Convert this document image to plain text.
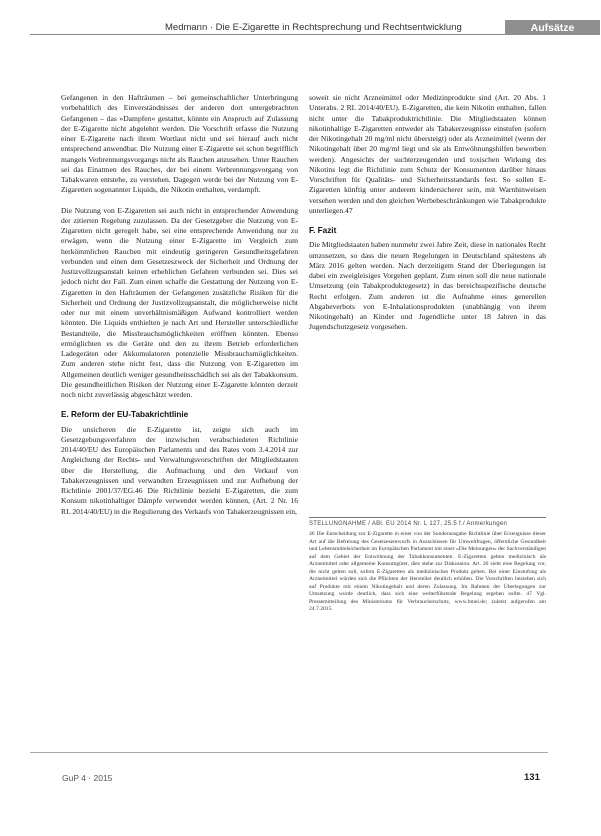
Medmann · Die E-Zigarette in Rechtsprechung und Rechtsentwicklung	Aufsätze

Gefangenen in den Hafträumen – bei gemeinschaftlicher Unterbringung vorbehaltlich des Einverständnisses der anderen dort untergebrachten Gefangenen – das »Dampfen« gestattet, könnte ein Anspruch auf Zulassung der E-Zigarette nicht abgelehnt werden. Die Vorschrift erfasse die Nutzung einer E-Zigarette nach ihrem Wortlaut nicht und sei hierauf auch nicht entsprechend anwendbar. Die Nutzung einer E-Zigarette sei schon begrifflich mangels Verbrennungsvorgangs nicht als Rauchen anzusehen. Unter Rauchen sei das Einatmen des Rauches, der bei einem Verbrennungsvorgang von Tabakwaren entstehe, zu verstehen. Dagegen werde bei der Nutzung von E-Zigaretten sogenannter Liquids, die Nikotin enthalten, verdampft.

Die Nutzung von E-Zigaretten sei auch nicht in entsprechender Anwendung der zitierten Regelung zuzulassen. Da der Gesetzgeber die Nutzung von E-Zigaretten nicht geregelt habe, sei eine entsprechende Anwendung nur zu erwägen, wenn die Nutzung einer E-Zigarette im Vergleich zum herkömmlichen Rauchen mit eindeutig geringeren Gesundheitsgefahren verbunden und einen dem Gesetzeszweck der Sicherheit und Ordnung der Justizvollzugsanstalt keinen erheblichen Gefahren verbunden sei. Dies sei jedoch nicht der Fall. Zum einen schaffe die Gestattung der Nutzung von E-Zigaretten in den Hafträumen der Gefangenen zusätzliche Risiken für die Sicherheit und Ordnung der Justizvollzugsanstalt, die möglicherweise nicht oder nur mit einem unverhältnismäßigen Aufwand kontrolliert werden könnten. Die Liquids enthielten je nach Art und Hersteller unterschiedliche Bestandteile, die Missbrauchsmöglichkeiten eröffnen könnten. Ebenso ermöglichten es die Geräte und den zu ihrem Betrieb erforderlichen Ladegeräten oder Akkumulatoren potenzielle Missbrauchsmöglichkeiten. Zum anderen stehe nicht fest, dass die Nutzung von E-Zigaretten im Allgemeinen deutlich weniger gesundheitsschädlich sei als der Tabakkonsum. Die gesundheitlichen Risiken der Nutzung einer E-Zigarette könnten derzeit noch nicht zuverlässig abgeschätzt werden.

E. Reform der EU-Tabakrichtlinie

Die unsicheren die E-Zigarette ist, zeigte sich auch im Gesetzgebungsverfahren der inzwischen verabschiedeten Richtlinie 2014/40/EU des Europäischen Parlaments und des Rates vom 3.4.2014 zur Angleichung der Rechts- und Verwaltungsvorschriften der Mitgliedstaaten über die Herstellung, die Aufmachung und den Verkauf von Tabakerzeugnissen und verwandten Erzeugnissen und zur Aufhebung der Richtlinie 2001/37/EG.46 Die Richtlinie bezieht E-Zigaretten, die zum Konsum nikotinhaltiger Dämpfe verwendet werden können, (Art. 2 Nr. 16 RL 2014/40/EU) in die Regulierung des Verkaufs von Tabakerzeugnissen ein,

soweit sie nicht Arzneimittel oder Medizinprodukte sind (Art. 20 Abs. 1 Unterabs. 2 RL 2014/40/EU). E-Zigaretten, die kein Nikotin enthalten, fallen nicht unter die Tabakproduktrichtlinie. Die Mitgliedstaaten können nikotinhaltige E-Zigaretten entweder als Tabakerzeugnisse einstufen (sofern der Nikotingehalt 20 mg/ml nicht übersteigt) oder als Arzneimittel (wenn der Nikotingehalt über 20 mg/ml liegt und sie als Entwöhnungshilfen beworben werden). Angesichts der suchterzeugenden und toxischen Wirkung des Nikotins legt die Richtlinie zum Schutz der Konsumenten darüber hinaus Vorschriften für Qualitäts- und Sicherheitsstandards fest. So sollen E-Zigaretten künftig unter anderem kindersicherer sein, mit Warnhinweisen versehen werden und den gleichen Werbebeschränkungen wie Tabakprodukte unterliegen.47

F. Fazit

Die Mitgliedstaaten haben nunmehr zwei Jahre Zeit, diese in nationales Recht umzusetzen, so dass die neuen Regelungen in Deutschland spätestens ab März 2016 gelten werden. Nach derzeitigem Stand der Überlegungen ist dabei ein zweigleisiges Vorgehen geplant. Zum einen soll die neue nationale Umsetzung (ein Tabakproduktegesetz) in das bereichsspezifische deutsche Recht erfolgen. Zum anderen ist die Aufnahme eines generellen Abgabeverbots von E-Inhalationsprodukten (unabhängig von ihrem Nikotingehalt) an Kinder und Jugendliche unter 18 Jahren in das Jugendschutzgesetz vorgesehen.

STELLUNGNAHME / ABl. EU 2014 Nr. L 127, 25.5 f./ Anmerkungen
46 Die Entscheidung zur E-Zigarette in einer von der Sonderausgabe Richtlinie über Erzeugnisse dieser Art auf die Befreiung des Gesetzesentwurfs in Ausschüssen für Umweltfragen, öffentliche Gesundheit und Lebensmittelsicherheit im Europäischen Parlament mit einer »Die Meinungen« der Sachverständigen auf dem Gebiet der Entwöhnung der Tabakkonsumenten. E-Zigaretten gelten medizinisch als Arzneimittel oder allgemeine Konsumgüter, dies stehe zur Diskussion. Art. 20 sieht eine Regelung vor, die nicht gelten soll, sofern E-Zigaretten als medizinisches Produkt gelten. Bei einer Einstufung als Arzneimittel würden sich die Pflichten der Hersteller deutlich erhöhen. Die Vorschriften beziehen sich auf Produkte mit einem Nikotingehalt und deren Zulassung. Im Rahmen der Überlegungen zur Umsetzung wurde deutlich, dass sich eine weiterführende Regelung ergeben sollte. 47 Vgl. Pressemitteilung des Ministeriums für Verbraucherschutz, www.bmel.de; zuletzt aufgerufen am 24.7.2015.
GuP 4 · 2015	131
